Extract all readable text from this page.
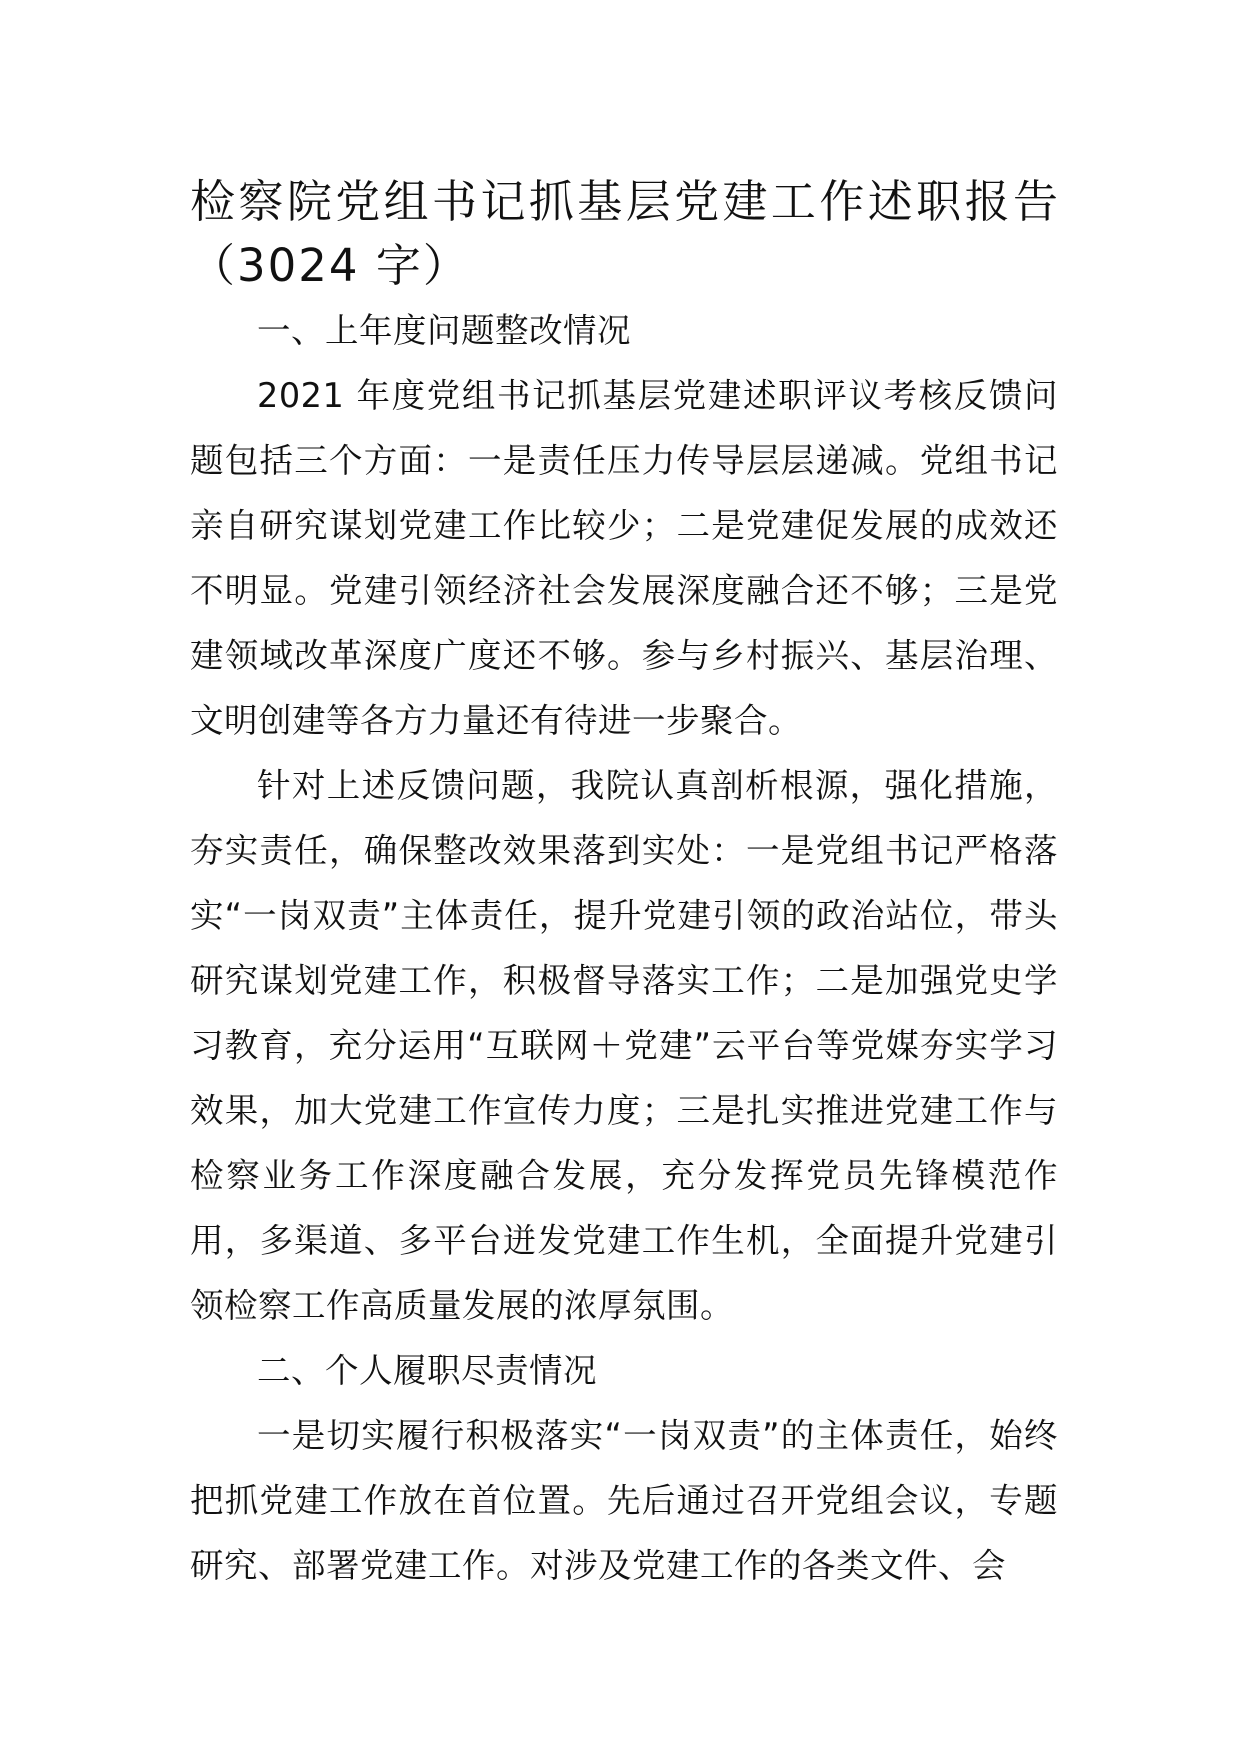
检察院党组书记抓基层党建工作述职报告（3024 字）
一、上年度问题整改情况

2021 年度党组书记抓基层党建述职评议考核反馈问题包括三个方面：一是责任压力传导层层递减。党组书记亲自研究谋划党建工作比较少；二是党建促发展的成效还不明显。党建引领经济社会发展深度融合还不够；三是党建领域改革深度广度还不够。参与乡村振兴、基层治理、文明创建等各方力量还有待进一步聚合。

针对上述反馈问题，我院认真剖析根源，强化措施，夯实责任，确保整改效果落到实处：一是党组书记严格落实“一岗双责”主体责任，提升党建引领的政治站位，带头研究谋划党建工作，积极督导落实工作；二是加强党史学习教育，充分运用“互联网＋党建”云平台等党媒夯实学习效果，加大党建工作宣传力度；三是扎实推进党建工作与检察业务工作深度融合发展，充分发挥党员先锋模范作用，多渠道、多平台迸发党建工作生机，全面提升党建引领检察工作高质量发展的浓厚氛围。

二、个人履职尽责情况

一是切实履行积极落实“一岗双责”的主体责任，始终把抓党建工作放在首位置。先后通过召开党组会议，专题研究、部署党建工作。对涉及党建工作的各类文件、会
